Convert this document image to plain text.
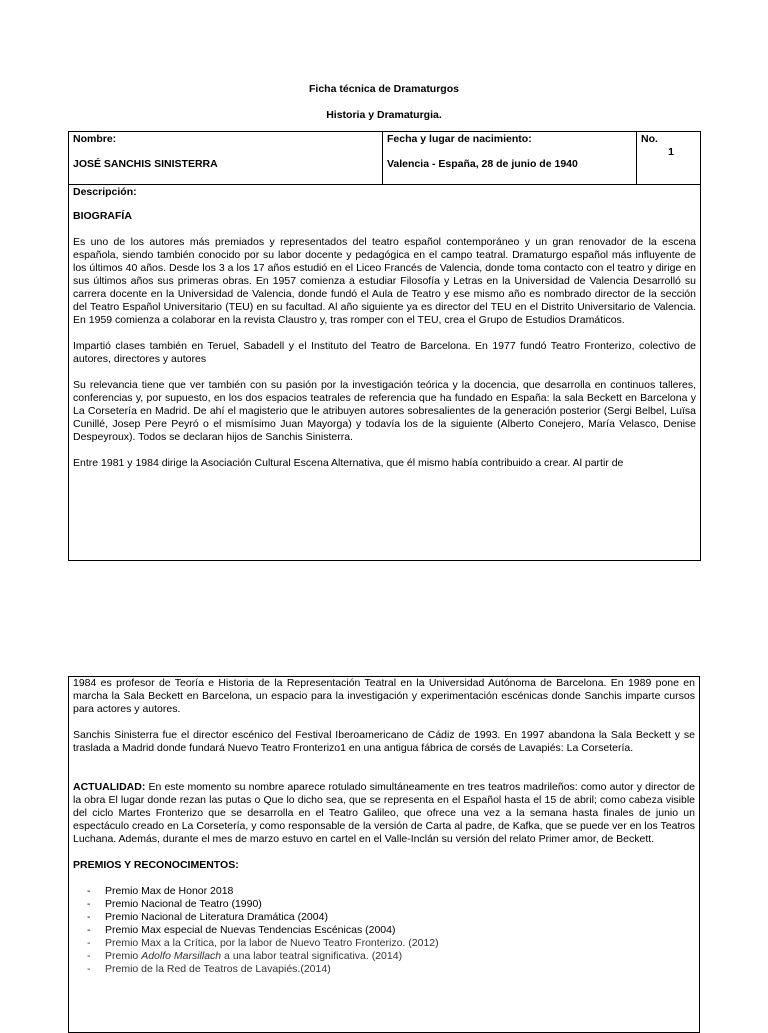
Ficha técnica de Dramaturgos
Historia y Dramaturgia.
Nombre:
JOSÉ SANCHIS SINISTERRA

Fecha y lugar de nacimiento:
Valencia - España, 28 de junio de 1940

No.
1

Descripción:
BIOGRAFÍA

Es uno de los autores más premiados y representados del teatro español contemporáneo y un gran renovador de la escena española, siendo también conocido por su labor docente y pedagógica en el campo teatral. Dramaturgo español más influyente de los últimos 40 años. Desde los 3 a los 17 años estudió en el Liceo Francés de Valencia, donde toma contacto con el teatro y dirige en sus últimos años sus primeras obras. En 1957 comienza a estudiar Filosofía y Letras en la Universidad de Valencia Desarrolló su carrera docente en la Universidad de Valencia, donde fundó el Aula de Teatro y ese mismo año es nombrado director de la sección del Teatro Español Universitario (TEU) en su facultad. Al año siguiente ya es director del TEU en el Distrito Universitario de Valencia. En 1959 comienza a colaborar en la revista Claustro y, tras romper con el TEU, crea el Grupo de Estudios Dramáticos.

Impartió clases también en Teruel, Sabadell y el Instituto del Teatro de Barcelona. En 1977 fundó Teatro Fronterizo, colectivo de autores, directores y autores

Su relevancia tiene que ver también con su pasión por la investigación teórica y la docencia, que desarrolla en continuos talleres, conferencias y, por supuesto, en los dos espacios teatrales de referencia que ha fundado en España: la sala Beckett en Barcelona y La Corsetería en Madrid. De ahí el magisterio que le atribuyen autores sobresalientes de la generación posterior (Sergi Belbel, Luïsa Cunillé, Josep Pere Peyró o el mismísimo Juan Mayorga) y todavía los de la siguiente (Alberto Conejero, María Velasco, Denise Despeyroux). Todos se declaran hijos de Sanchis Sinisterra.

Entre 1981 y 1984 dirige la Asociación Cultural Escena Alternativa, que él mismo había contribuido a crear. Al partir de

1984 es profesor de Teoría e Historia de la Representación Teatral en la Universidad Autónoma de Barcelona. En 1989 pone en marcha la Sala Beckett en Barcelona, un espacio para la investigación y experimentación escénicas donde Sanchis imparte cursos para actores y autores.

Sanchis Sinisterra fue el director escénico del Festival Iberoamericano de Cádiz de 1993. En 1997 abandona la Sala Beckett y se traslada a Madrid donde fundará Nuevo Teatro Fronterizo1 en una antigua fábrica de corsés de Lavapiés: La Corsetería.

ACTUALIDAD: En este momento su nombre aparece rotulado simultáneamente en tres teatros madrileños: como autor y director de la obra El lugar donde rezan las putas o Que lo dicho sea, que se representa en el Español hasta el 15 de abril; como cabeza visible del ciclo Martes Fronterizo que se desarrolla en el Teatro Galileo, que ofrece una vez a la semana hasta finales de junio un espectáculo creado en La Corsetería, y como responsable de la versión de Carta al padre, de Kafka, que se puede ver en los Teatros Luchana. Además, durante el mes de marzo estuvo en cartel en el Valle-Inclán su versión del relato Primer amor, de Beckett.

PREMIOS Y RECONOCIMENTOS:
- Premio Max de Honor 2018
- Premio Nacional de Teatro (1990)
- Premio Nacional de Literatura Dramática (2004)
- Premio Max especial de Nuevas Tendencias Escénicas (2004)
- Premio Max a la Crítica, por la labor de Nuevo Teatro Fronterizo. (2012)
- Premio Adolfo Marsillach a una labor teatral significativa. (2014)
- Premio de la Red de Teatros de Lavapiés.(2014)
